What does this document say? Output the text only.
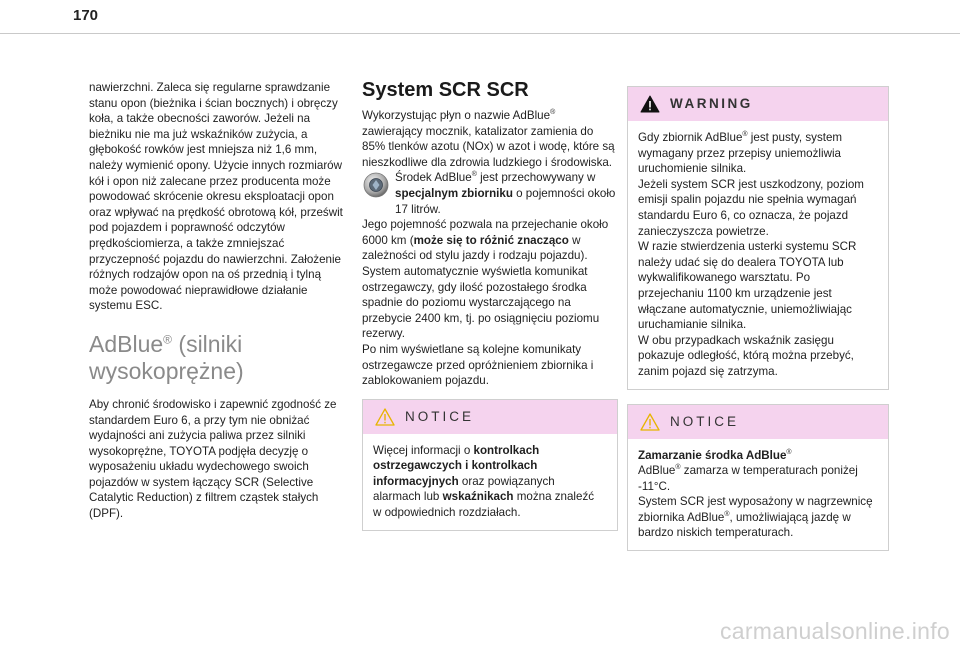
170

nawierzchni. Zaleca się regularne sprawdzanie stanu opon (bieżnika i ścian bocznych) i obręczy koła, a także obecności zaworów. Jeżeli na bieżniku nie ma już wskaźników zużycia, a głębokość rowków jest mniejsza niż 1,6 mm, należy wymienić opony. Użycie innych rozmiarów kół i opon niż zalecane przez producenta może powodować skrócenie okresu eksploatacji opon oraz wpływać na prędkość obrotową kół, prześwit pod pojazdem i poprawność odczytów prędkościomierza, a także zmniejszać przyczepność pojazdu do nawierzchni. Założenie różnych rodzajów opon na oś przednią i tylną może powodować nieprawidłowe działanie systemu ESC.

AdBlue® (silniki wysokoprężne)

Aby chronić środowisko i zapewnić zgodność ze standardem Euro 6, a przy tym nie obniżać wydajności ani zużycia paliwa przez silniki wysokoprężne, TOYOTA podjęła decyzję o wyposażeniu układu wydechowego swoich pojazdów w system łączący SCR (Selective Catalytic Reduction) z filtrem cząstek stałych (DPF).

System SCR SCR

Wykorzystując płyn o nazwie AdBlue® zawierający mocznik, katalizator zamienia do 85% tlenków azotu (NOx) w azot i wodę, które są nieszkodliwe dla zdrowia ludzkiego i środowiska.

Środek AdBlue® jest przechowywany w specjalnym zbiorniku o pojemności około 17 litrów.

Jego pojemność pozwala na przejechanie około 6000 km (może się to różnić znacząco w zależności od stylu jazdy i rodzaju pojazdu).

System automatycznie wyświetla komunikat ostrzegawczy, gdy ilość pozostałego środka spadnie do poziomu wystarczającego na przebycie 2400 km, tj. po osiągnięciu poziomu rezerwy.

Po nim wyświetlane są kolejne komunikaty ostrzegawcze przed opróżnieniem zbiornika i zablokowaniem pojazdu.

NOTICE

Więcej informacji o kontrolkach ostrzegawczych i kontrolkach informacyjnych oraz powiązanych alarmach lub wskaźnikach można znaleźć w odpowiednich rozdziałach.

WARNING

Gdy zbiornik AdBlue® jest pusty, system wymagany przez przepisy uniemożliwia uruchomienie silnika.

Jeżeli system SCR jest uszkodzony, poziom emisji spalin pojazdu nie spełnia wymagań standardu Euro 6, co oznacza, że pojazd zanieczyszcza powietrze.

W razie stwierdzenia usterki systemu SCR należy udać się do dealera TOYOTA lub wykwalifikowanego warsztatu. Po przejechaniu 1100 km urządzenie jest włączane automatycznie, uniemożliwiając uruchamianie silnika.

W obu przypadkach wskaźnik zasięgu pokazuje odległość, którą można przebyć, zanim pojazd się zatrzyma.

NOTICE

Zamarzanie środka AdBlue®

AdBlue® zamarza w temperaturach poniżej -11°C.

System SCR jest wyposażony w nagrzewnicę zbiornika AdBlue®, umożliwiającą jazdę w bardzo niskich temperaturach.

carmanualsonline.info
